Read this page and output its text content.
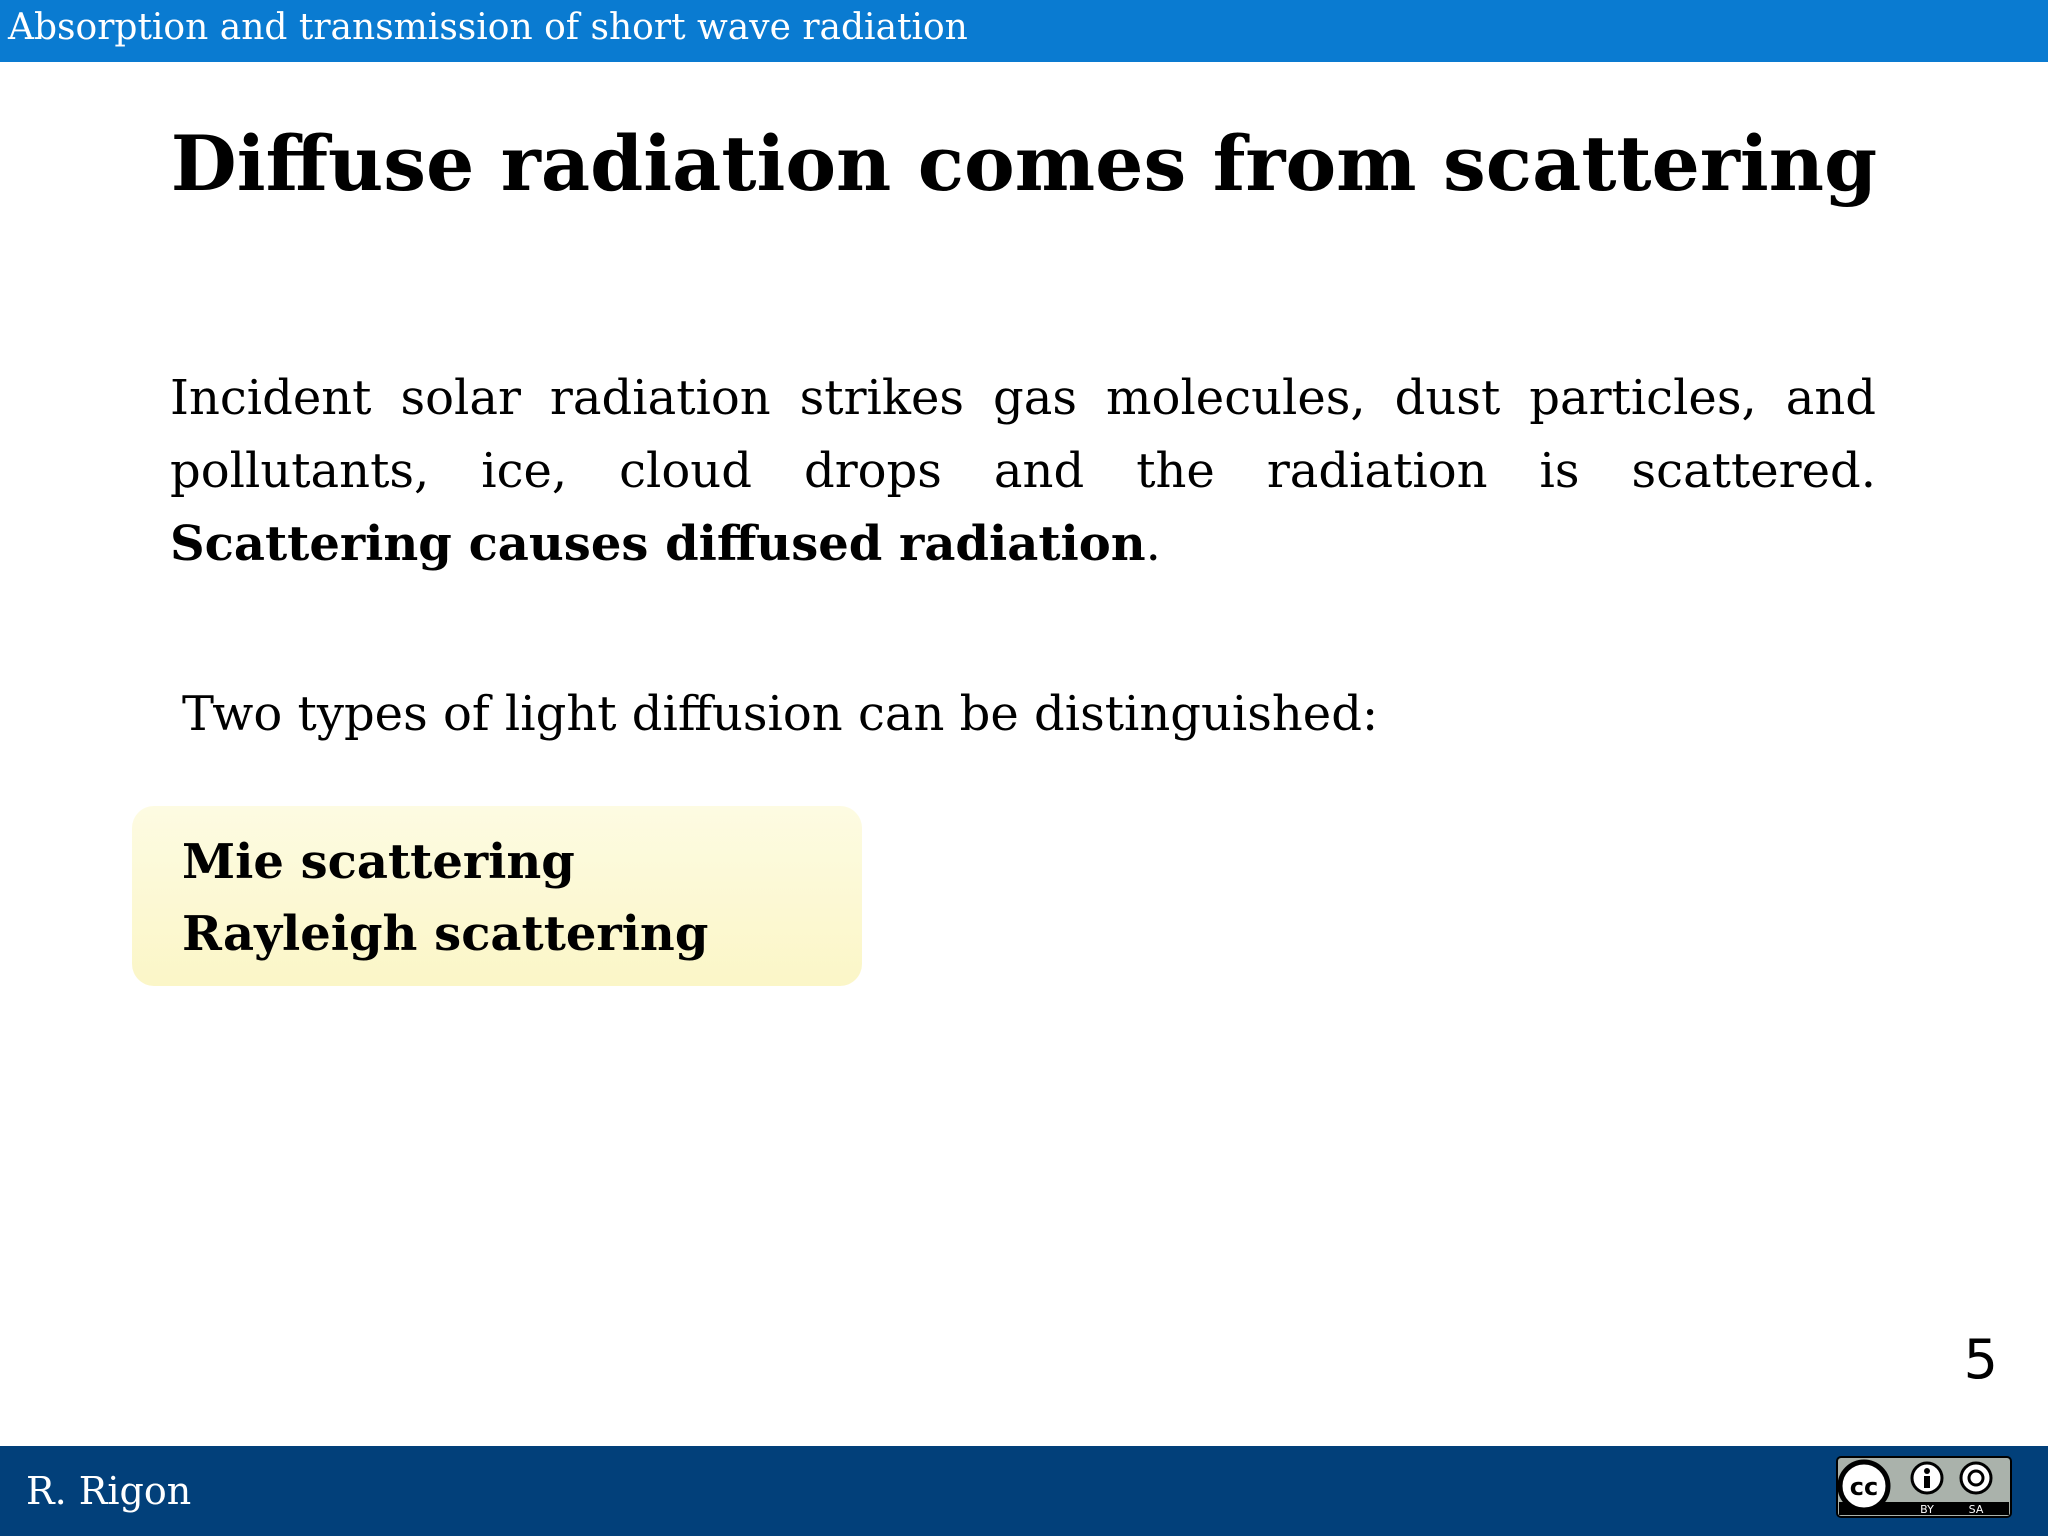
Absorption and transmission of short wave radiation
Diffuse radiation comes from scattering

Incident solar radiation strikes gas molecules, dust particles, and pollutants, ice, cloud drops and the radiation is scattered. Scattering causes diffused radiation.

Two types of light diffusion can be distinguished:
Mie scattering
Rayleigh scattering
5
R. Rigon	cc
BY	SA
